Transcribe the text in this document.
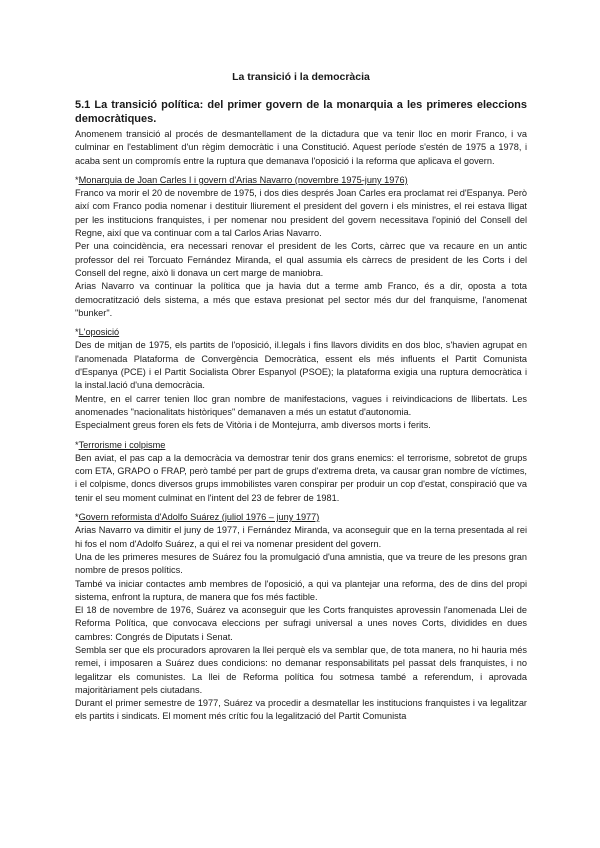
La transició i la democràcia
5.1 La transició política: del primer govern de la monarquia a les primeres eleccions democràtiques.

Anomenem transició al procés de desmantellament de la dictadura que va tenir lloc en morir Franco, i va culminar en l'establiment d'un règim democràtic i una Constitució. Aquest període s'estén de 1975 a 1978, i acaba sent un compromís entre la ruptura que demanava l'oposició i la reforma que aplicava el govern.

*Monarquia de Joan Carles I i govern d'Arias Navarro (novembre 1975-juny 1976)

Franco va morir el 20 de novembre de 1975, i dos dies després Joan Carles era proclamat rei d'Espanya. Però així com Franco podia nomenar i destituir lliurement el president del govern i els ministres, el rei estava lligat per les institucions franquistes, i per nomenar nou president del govern necessitava l'opinió del Consell del Regne, així que va continuar com a tal Carlos Arias Navarro.

Per una coincidència, era necessari renovar el president de les Corts, càrrec que va recaure en un antic professor del rei Torcuato Fernández Miranda, el qual assumia els càrrecs de president de les Corts i del Consell del regne, això li donava un cert marge de maniobra.

Arias Navarro va continuar la política que ja havia dut a terme amb Franco, és a dir, oposta a tota democratització dels sistema, a més que estava presionat pel sector més dur del franquisme, l'anomenat "bunker".

*L'oposició

Des de mitjan de 1975, els partits de l'oposició, il.legals i fins llavors dividits en dos bloc, s'havien agrupat en l'anomenada Plataforma de Convergència Democràtica, essent els més influents el Partit Comunista d'Espanya (PCE) i el Partit Socialista Obrer Espanyol (PSOE); la plataforma exigia una ruptura democràtica i la instal.lació d'una democràcia.

Mentre, en el carrer tenien lloc gran nombre de manifestacions, vagues i reivindicacions de llibertats. Les anomenades "nacionalitats històriques" demanaven a més un estatut d'autonomia.

Especialment greus foren els fets de Vitòria i de Montejurra, amb diversos morts i ferits.

*Terrorisme i colpisme

Ben aviat, el pas cap a la democràcia va demostrar tenir dos grans enemics: el terrorisme, sobretot de grups com ETA, GRAPO o FRAP, però també per part de grups d'extrema dreta, va causar gran nombre de víctimes, i el colpisme, doncs diversos grups immobilistes varen conspirar per produir un cop d'estat, conspiració que va tenir el seu moment culminat en l'intent del 23 de febrer de 1981.

*Govern reformista d'Adolfo Suárez (juliol 1976 – juny 1977)

Arias Navarro va dimitir el juny de 1977, i Fernández Miranda, va aconseguir que en la terna presentada al rei hi fos el nom d'Adolfo Suárez, a qui el rei va nomenar president del govern.

Una de les primeres mesures de Suárez fou la promulgació d'una amnistia, que va treure de les presons gran nombre de presos polítics.

També va iniciar contactes amb membres de l'oposició, a qui va plantejar una reforma, des de dins del propi sistema, enfront la ruptura, de manera que fos més factible.

El 18 de novembre de 1976, Suárez va aconseguir que les Corts franquistes aprovessin l'anomenada Llei de Reforma Política, que convocava eleccions per sufragi universal a unes noves Corts, dividides en dues cambres: Congrés de Diputats i Senat.

Sembla ser que els procuradors aprovaren la llei perquè els va semblar que, de tota manera, no hi hauria més remei, i imposaren a Suárez dues condicions: no demanar responsabilitats pel passat dels franquistes, i no legalitzar els comunistes. La llei de Reforma política fou sotmesa també a referendum, i aprovada majoritàriament pels ciutadans.

Durant el primer semestre de 1977, Suárez va procedir a desmatellar les institucions franquistes i va legalitzar els partits i sindicats. El moment més crític fou la legalització del Partit Comunista
